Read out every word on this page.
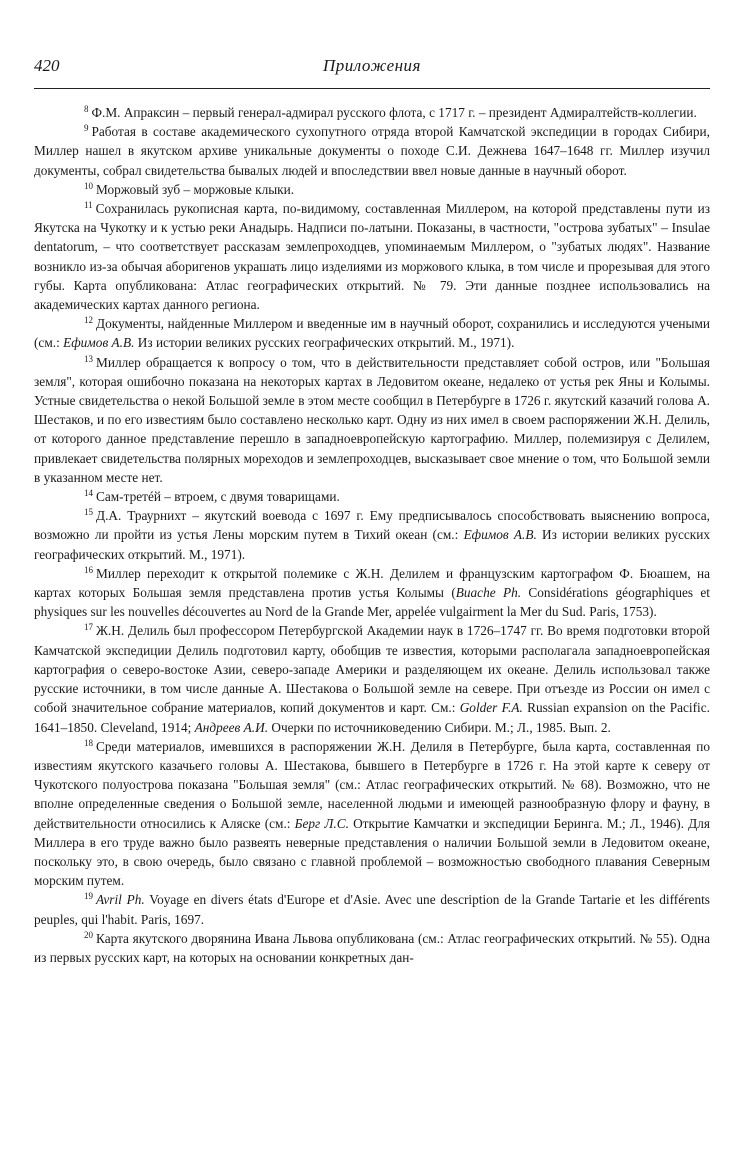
420	Приложения

$^8$ Ф.М. Апраксин – первый генерал-адмирал русского флота, с 1717 г. – президент Адмиралтейств-коллегии.

$^9$ Работая в составе академического сухопутного отряда второй Камчатской экспедиции в городах Сибири, Миллер нашел в якутском архиве уникальные документы о походе С.И. Дежнева 1647–1648 гг. Миллер изучил документы, собрал свидетельства бывалых людей и впоследствии ввел новые данные в научный оборот.

$^{10}$ Моржовый зуб – моржовые клыки.

$^{11}$ Сохранилась рукописная карта, по-видимому, составленная Миллером, на которой представлены пути из Якутска на Чукотку и к устью реки Анадырь. Надписи по-латыни. Показаны, в частности, "острова зубатых" – Insulae dentatorum, – что соответствует рассказам землепроходцев, упоминаемым Миллером, о "зубатых людях". Название возникло из-за обычая аборигенов украшать лицо изделиями из моржового клыка, в том числе и прорезывая для этого губы. Карта опубликована: Атлас географических открытий. № 79. Эти данные позднее использовались на академических картах данного региона.

$^{12}$ Документы, найденные Миллером и введенные им в научный оборот, сохранились и исследуются учеными (см.: Ефимов А.В. Из истории великих русских географических открытий. М., 1971).

$^{13}$ Миллер обращается к вопросу о том, что в действительности представляет собой остров, или "Большая земля", которая ошибочно показана на некоторых картах в Ледовитом океане, недалеко от устья рек Яны и Колымы. Устные свидетельства о некой Большой земле в этом месте сообщил в Петербурге в 1726 г. якутский казачий голова А. Шестаков, и по его известиям было составлено несколько карт. Одну из них имел в своем распоряжении Ж.Н. Делиль, от которого данное представление перешло в западноевропейскую картографию. Миллер, полемизируя с Делилем, привлекает свидетельства полярных мореходов и землепроходцев, высказывает свое мнение о том, что Большой земли в указанном месте нет.

$^{14}$ Сам-третéй – втроем, с двумя товарищами.

$^{15}$ Д.А. Траурнихт – якутский воевода с 1697 г. Ему предписывалось способствовать выяснению вопроса, возможно ли пройти из устья Лены морским путем в Тихий океан (см.: Ефимов А.В. Из истории великих русских географических открытий. М., 1971).

$^{16}$ Миллер переходит к открытой полемике с Ж.Н. Делилем и французским картографом Ф. Бюашем, на картах которых Большая земля представлена против устья Колымы (Buache Ph. Considérations géographiques et physiques sur les nouvelles découvertes au Nord de la Grande Mer, appelée vulgairment la Mer du Sud. Paris, 1753).

$^{17}$ Ж.Н. Делиль был профессором Петербургской Академии наук в 1726–1747 гг. Во время подготовки второй Камчатской экспедиции Делиль подготовил карту, обобщив те известия, которыми располагала западноевропейская картография о северо-востоке Азии, северо-западе Америки и разделяющем их океане. Делиль использовал также русские источники, в том числе данные А. Шестакова о Большой земле на севере. При отъезде из России он имел с собой значительное собрание материалов, копий документов и карт. См.: Golder F.A. Russian expansion on the Pacific. 1641–1850. Cleveland, 1914; Андреев А.И. Очерки по источниковедению Сибири. М.; Л., 1985. Вып. 2.

$^{18}$ Среди материалов, имевшихся в распоряжении Ж.Н. Делиля в Петербурге, была карта, составленная по известиям якутского казачьего головы А. Шестакова, бывшего в Петербурге в 1726 г. На этой карте к северу от Чукотского полуострова показана "Большая земля" (см.: Атлас географических открытий. № 68). Возможно, что не вполне определенные сведения о Большой земле, населенной людьми и имеющей разнообразную флору и фауну, в действительности относились к Аляске (см.: Берг Л.С. Открытие Камчатки и экспедиции Беринга. М.; Л., 1946). Для Миллера в его труде важно было развеять неверные представления о наличии Большой земли в Ледовитом океане, поскольку это, в свою очередь, было связано с главной проблемой – возможностью свободного плавания Северным морским путем.

$^{19}$ Avril Ph. Voyage en divers états d'Europe et d'Asie. Avec une description de la Grande Tartarie et les différents peuples, qui l'habit. Paris, 1697.

$^{20}$ Карта якутского дворянина Ивана Львова опубликована (см.: Атлас географических открытий. № 55). Одна из первых русских карт, на которых на основании конкретных дан-
